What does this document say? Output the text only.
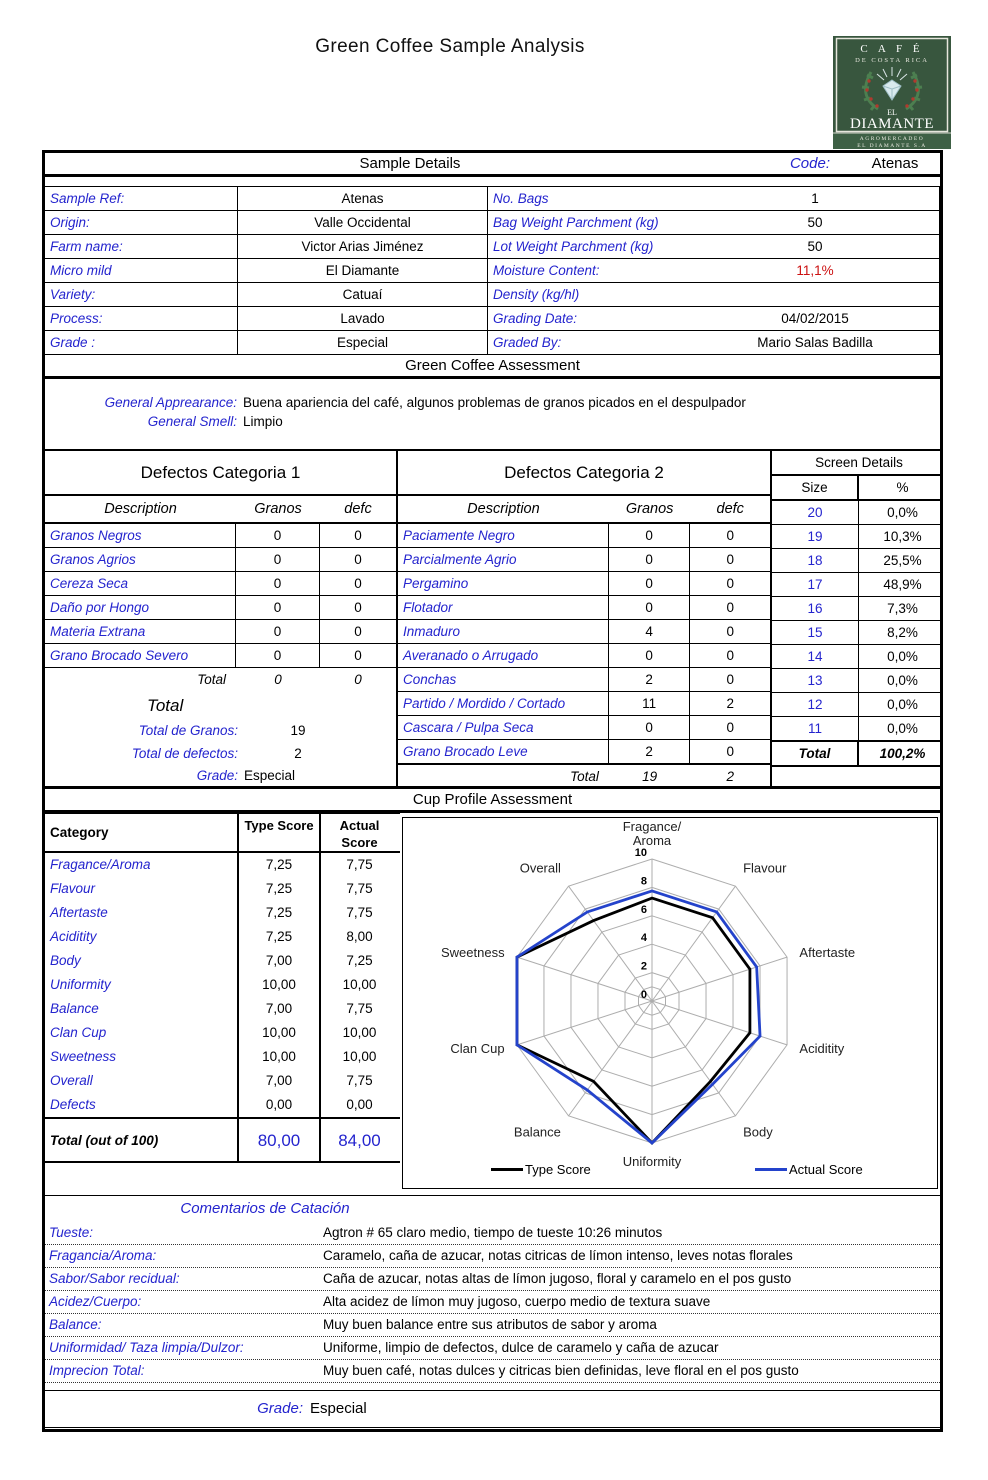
Green Coffee Sample Analysis	C A F É
DE COSTA RICA
EL
DIAMANTE
AGROMERCADEO
EL DIAMANTE S.A
Sample Details	Code:	Atenas
Sample Ref:	Atenas	No. Bags	1
Origin:	Valle Occidental	Bag Weight Parchment (kg)	50
Farm name:	Victor Arias Jiménez	Lot Weight Parchment (kg)	50
Micro mild	El Diamante	Moisture Content:	11,1%
Variety:	Catuaí	Density (kg/hl)
Process:	Lavado	Grading Date:	04/02/2015
Grade :	Especial	Graded By:	Mario Salas Badilla
Green Coffee Assessment
General Apprearance: Buena apariencia del café, algunos problemas de granos picados en el despulpador
General Smell: Limpio
Defectos Categoria 1
Description	Granos	defc
Granos Negros	0	0
Granos Agrios	0	0
Cereza Seca	0	0
Daño por Hongo	0	0
Materia Extrana	0	0
Grano Brocado Severo	0	0
Total	0	0
Total
Total de Granos:	19
Total de defectos:	2
Grade: Especial
Defectos Categoria 2
Description	Granos	defc
Paciamente Negro	0	0
Parcialmente Agrio	0	0
Pergamino	0	0
Flotador	0	0
Inmaduro	4	0
Averanado o Arrugado	0	0
Conchas	2	0
Partido / Mordido / Cortado	11	2
Cascara / Pulpa Seca	0	0
Grano Brocado Leve	2	0
Total	19	2
Screen Details
Size	%
20	0,0%
19	10,3%
18	25,5%
17	48,9%
16	7,3%
15	8,2%
14	0,0%
13	0,0%
12	0,0%
11	0,0%
Total	100,2%
Cup Profile Assessment
Category	Type Score	Actual Score
Fragance/Aroma	7,25	7,75
Flavour	7,25	7,75
Aftertaste	7,25	7,75
Aciditity	7,25	8,00
Body	7,00	7,25
Uniformity	10,00	10,00
Balance	7,00	7,75
Clan Cup	10,00	10,00
Sweetness	10,00	10,00
Overall	7,00	7,75
Defects	0,00	0,00
Total (out of 100)	80,00	84,00
0
2
4
6
8
10
Fragance/ Aroma
Flavour
Aftertaste
Aciditity
Body
Uniformity
Balance
Clan Cup
Sweetness
Overall
Type Score	Actual Score
Comentarios de Catación
Tueste:	Agtron # 65 claro medio, tiempo de tueste 10:26 minutos
Fragancia/Aroma:	Caramelo, caña de azucar, notas citricas de límon intenso, leves notas florales
Sabor/Sabor recidual:	Caña de azucar, notas altas de límon jugoso, floral y caramelo en el pos gusto
Acidez/Cuerpo:	Alta acidez de límon muy jugoso, cuerpo medio de textura suave
Balance:	Muy buen balance entre sus atributos de sabor y aroma
Uniformidad/ Taza limpia/Dulzor:	Uniforme, limpio de defectos, dulce de caramelo y caña de azucar
Imprecion Total:	Muy buen café, notas dulces y citricas bien definidas, leve floral en el pos gusto
Grade: Especial
